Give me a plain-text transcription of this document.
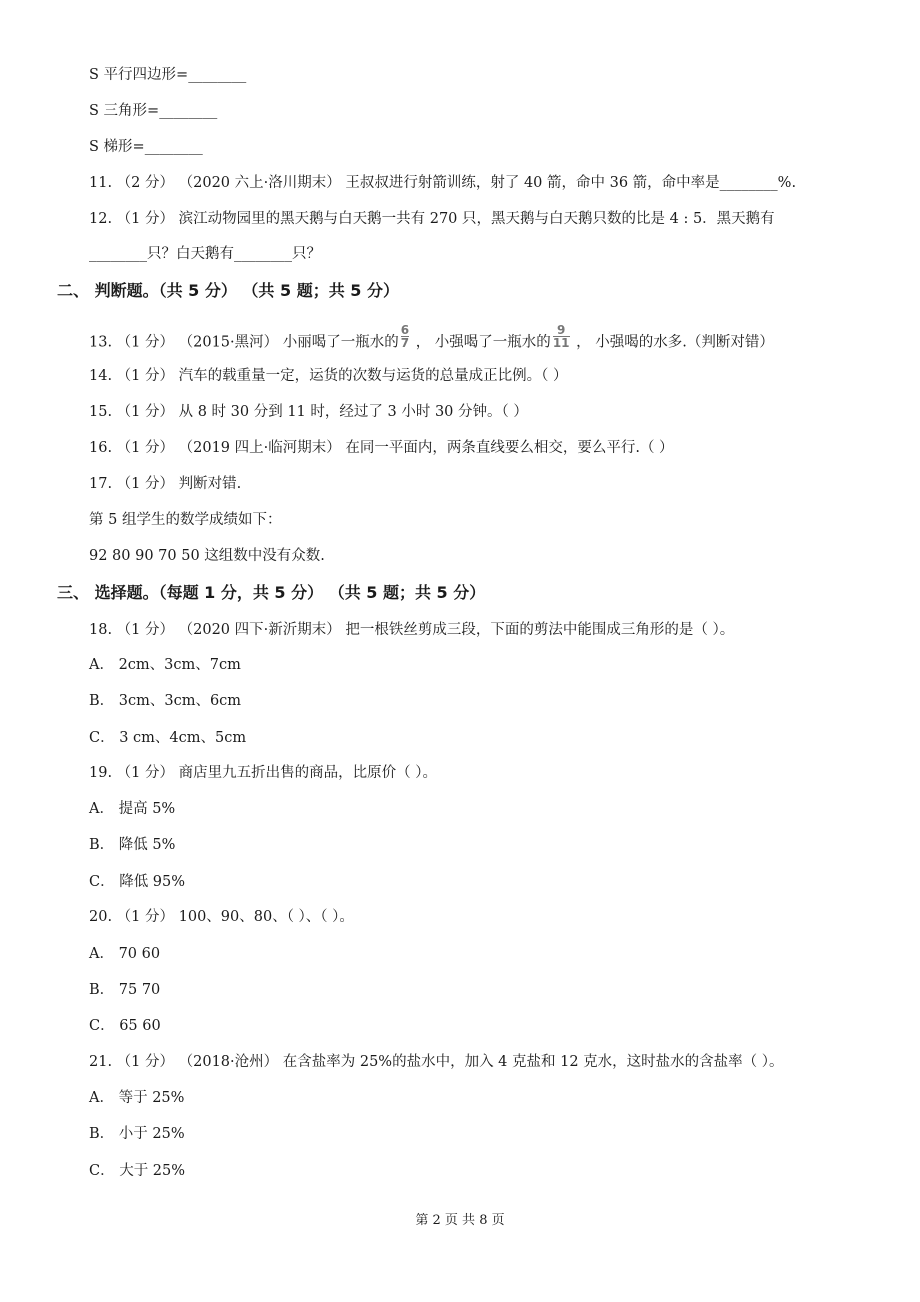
S 平行四边形=________
S 三角形=________
S 梯形=________
11. （2 分） （2020 六上·洛川期末） 王叔叔进行射箭训练，射了 40 箭，命中 36 箭，命中率是________%.
12. （1 分） 滨江动物园里的黑天鹅与白天鹅一共有 270 只，黑天鹅与白天鹅只数的比是 4 : 5．黑天鹅有
________只？白天鹅有________只？
二、 判断题。（共 5 分） （共 5 题；共 5 分）
13. （1 分） （2015·黑河） 小丽喝了一瓶水的 $\frac{6}{7}$ ， 小强喝了一瓶水的 $\frac{9}{11}$ ， 小强喝的水多.（判断对错）
14. （1 分） 汽车的载重量一定，运货的次数与运货的总量成正比例。（ ）
15. （1 分） 从 8 时 30 分到 11 时，经过了 3 小时 30 分钟。（ ）
16. （1 分） （2019 四上·临河期末） 在同一平面内，两条直线要么相交，要么平行.（ ）
17. （1 分） 判断对错.
第 5 组学生的数学成绩如下：
92 80 90 70 50 这组数中没有众数.
三、 选择题。（每题 1 分，共 5 分） （共 5 题；共 5 分）
18. （1 分） （2020 四下·新沂期末） 把一根铁丝剪成三段，下面的剪法中能围成三角形的是（ ）。
A． 2cm、3cm、7cm
B． 3cm、3cm、6cm
C． 3 cm、4cm、5cm
19. （1 分） 商店里九五折出售的商品，比原价（ ）。
A． 提高 5%
B． 降低 5%
C． 降低 95%
20. （1 分） 100、90、80、（ ）、（ ）。
A． 70 60
B． 75 70
C． 65 60
21. （1 分） （2018·沧州） 在含盐率为 25%的盐水中，加入 4 克盐和 12 克水，这时盐水的含盐率（ ）。
A． 等于 25%
B． 小于 25%
C． 大于 25%
第 2 页 共 8 页
